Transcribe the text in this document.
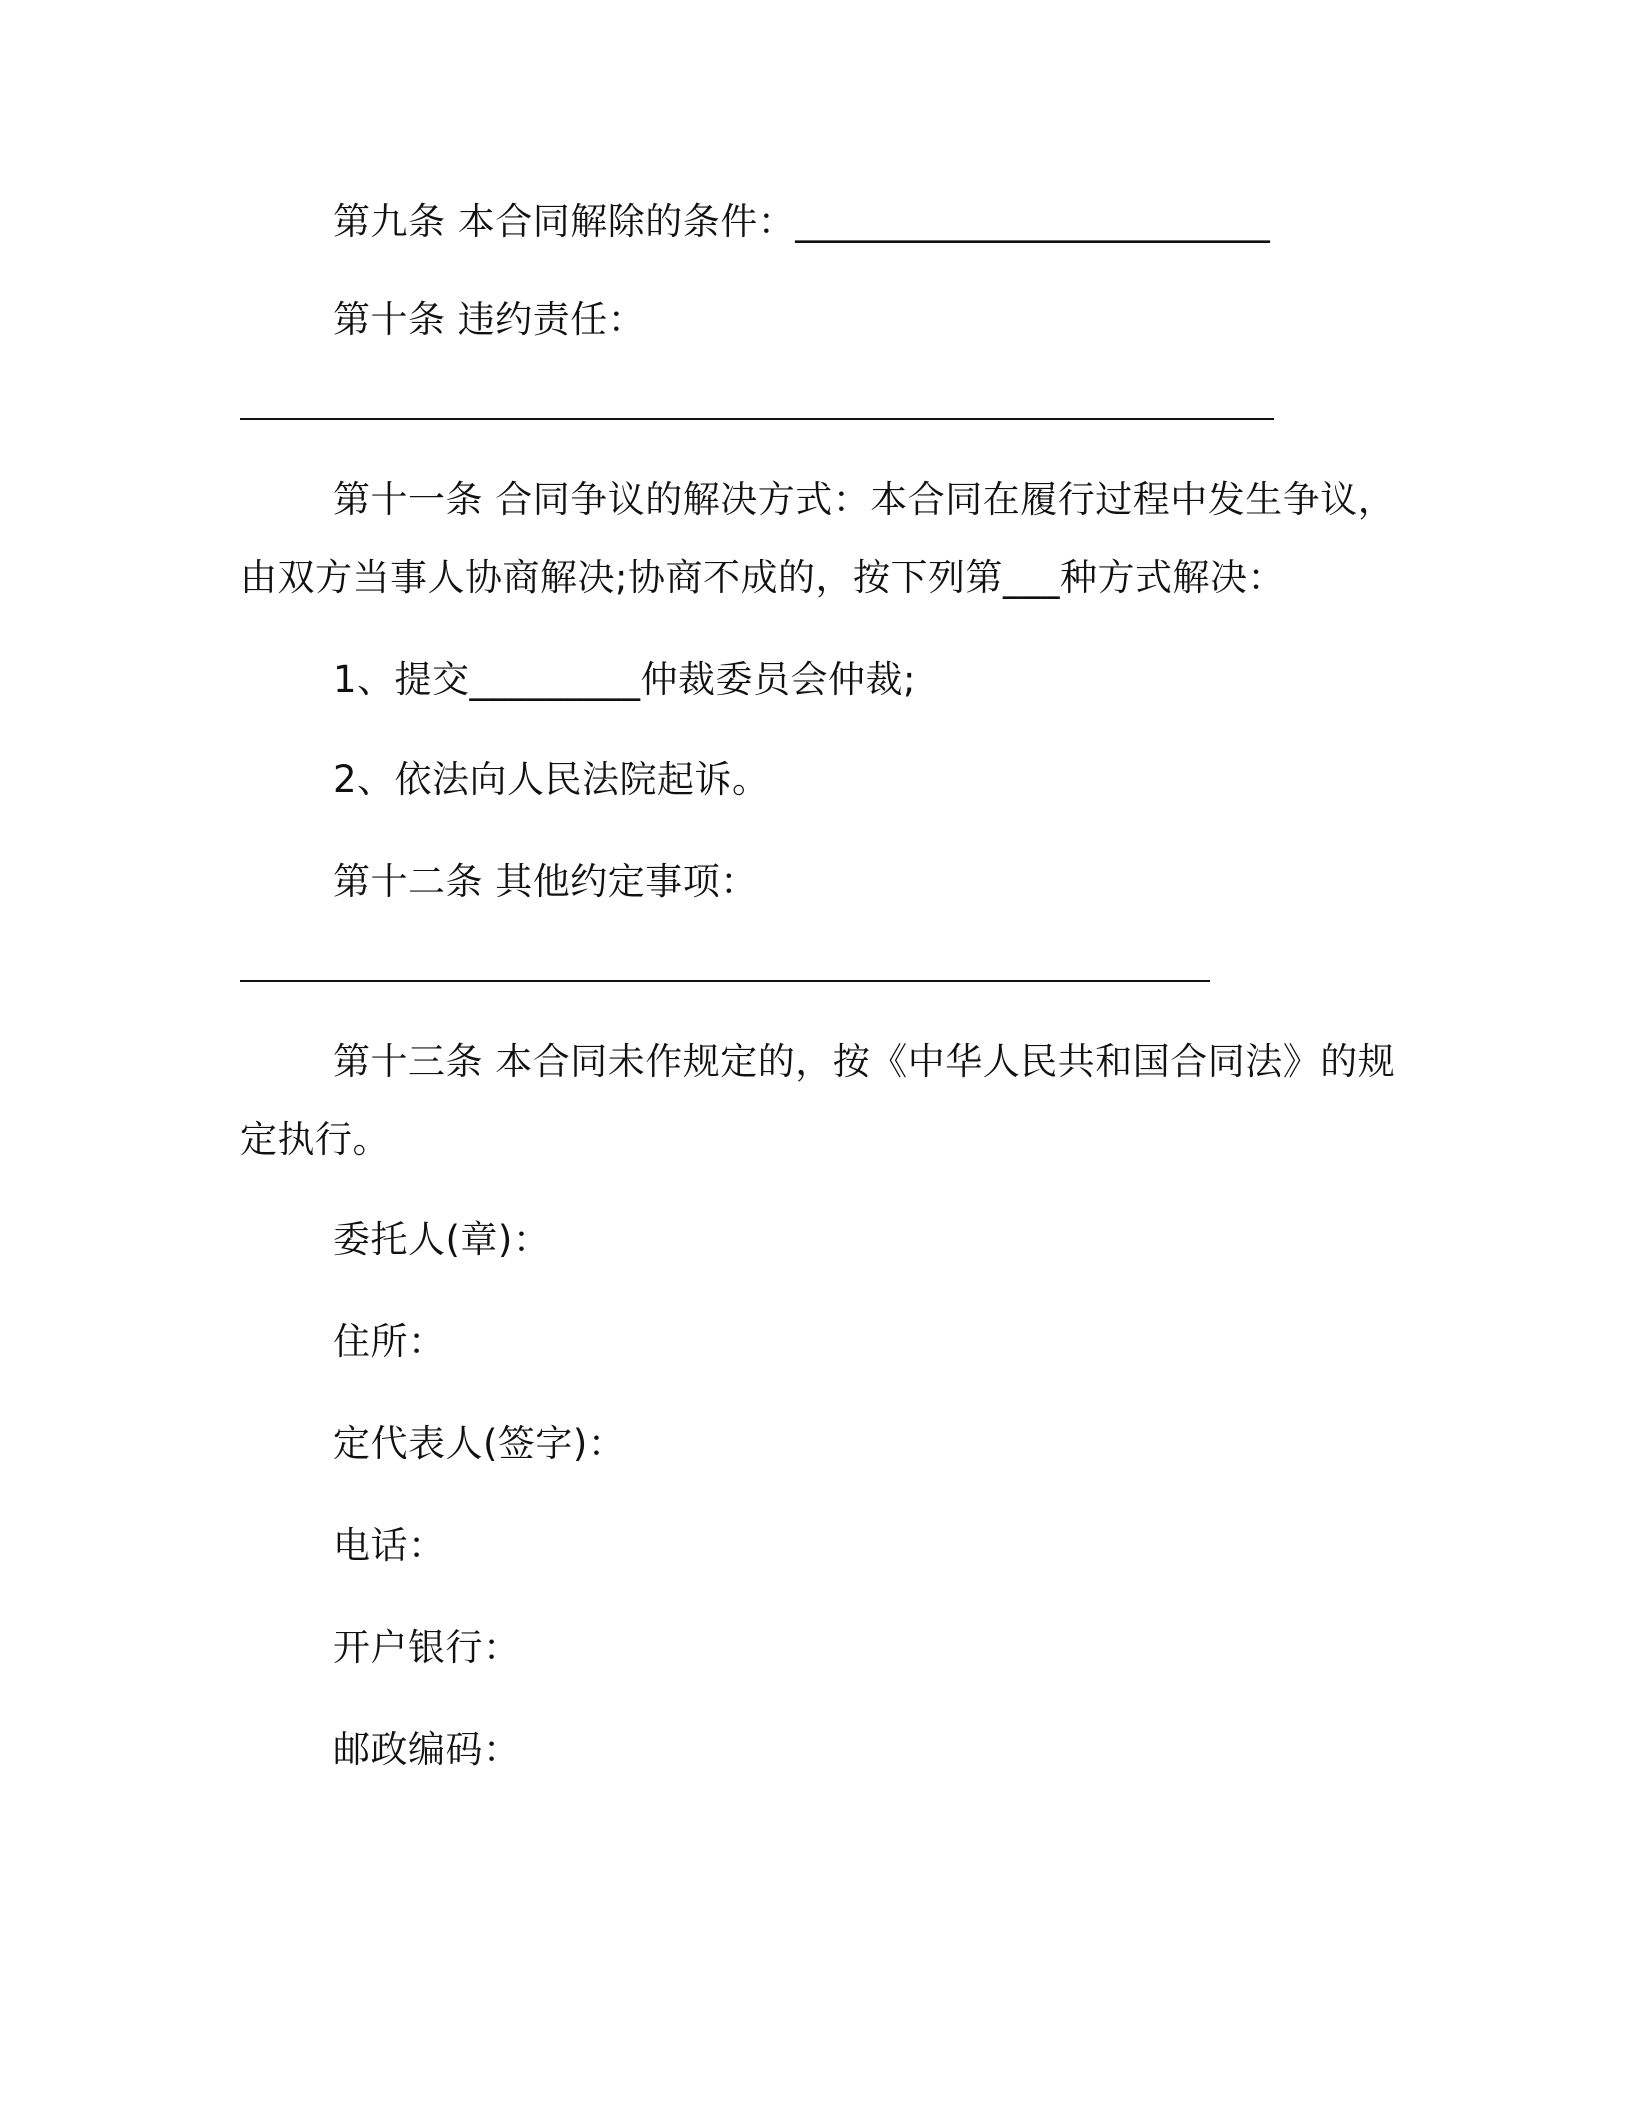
第九条 本合同解除的条件：_________________________
第十条 违约责任：
第十一条 合同争议的解决方式：本合同在履行过程中发生争议，
由双方当事人协商解决;协商不成的，按下列第___种方式解决：
1、提交_________仲裁委员会仲裁;
2、依法向人民法院起诉。
第十二条 其他约定事项：
第十三条 本合同未作规定的，按《中华人民共和国合同法》的规
定执行。
委托人(章)：
住所：
定代表人(签字)：
电话：
开户银行：
邮政编码：
